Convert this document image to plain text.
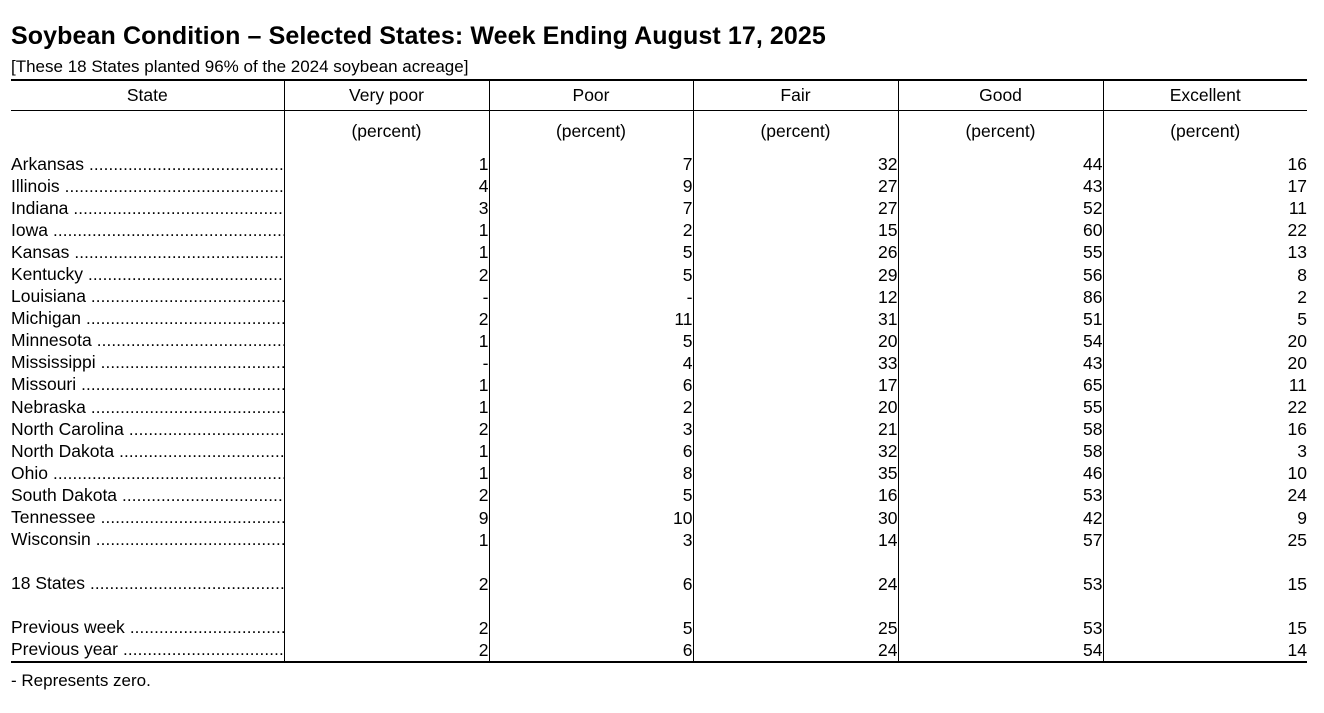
Soybean Condition – Selected States: Week Ending August 17, 2025
[These 18 States planted 96% of the 2024 soybean acreage]
State	Very poor	Poor	Fair	Good	Excellent
	(percent)	(percent)	(percent)	(percent)	(percent)

Arkansas
.....	1	7	32	44	16

Illinois
.....	4	9	27	43	17

Indiana
.....	3	7	27	52	11

Iowa
.....	1	2	15	60	22

Kansas
.....	1	5	26	55	13

Kentucky
.....	2	5	29	56	8

Louisiana
.....	-	-	12	86	2

Michigan
.....	2	11	31	51	5

Minnesota
.....	1	5	20	54	20

Mississippi
.....	-	4	33	43	20

Missouri
.....	1	6	17	65	11

Nebraska
.....	1	2	20	55	22

North Carolina
.....	2	3	21	58	16

North Dakota
.....	1	6	32	58	3

Ohio
.....	1	8	35	46	10

South Dakota
.....	2	5	16	53	24

Tennessee
.....	9	10	30	42	9

Wisconsin
.....	1	3	14	57	25

18 States
.....	2	6	24	53	15

Previous week
.....	2	5	25	53	15

Previous year
.....	2	6	24	54	14
- Represents zero.
